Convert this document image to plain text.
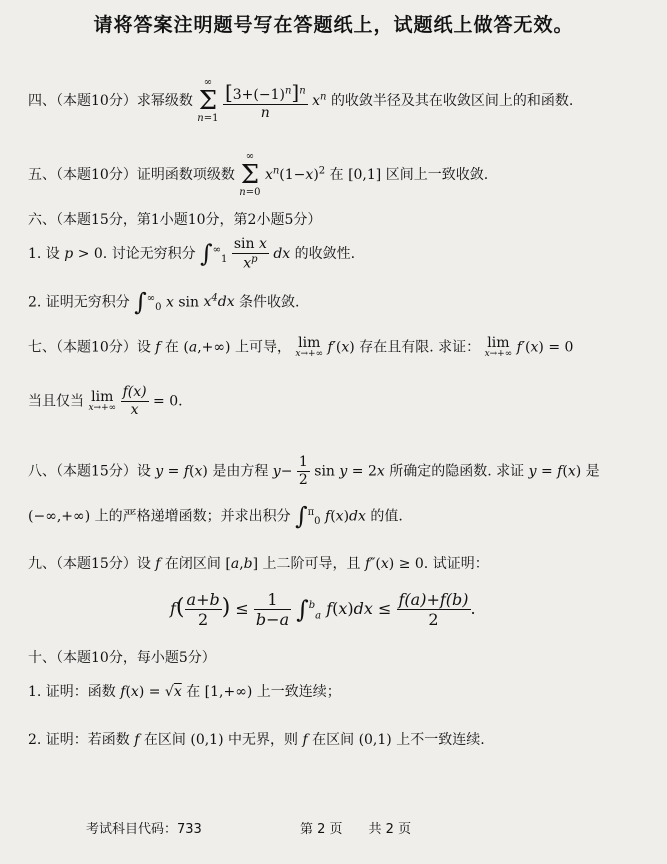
请将答案注明题号写在答题纸上，试题纸上做答无效。
四、（本题10分）求幂级数
∞
Σ
n=1
$\frac{[3+(-1)^n]^n}{n} x^n$ 的收敛半径及其在收敛区间上的和函数.
五、（本题10分）证明函数项级数
∞
Σ
n=0
$x^n(1-x)^2$ 在 [0,1] 区间上一致收敛.
六、（本题15分，第1小题10分，第2小题5分）
1. 设 p > 0. 讨论无穷积分 $\int^\infty_1 \frac{\text{sin x}}{x^p}$ dx 的收敛性.
2. 证明无穷积分 $\int^\infty_0$ x $\sin x^4dx$ 条件收敛.
七、（本题10分）设 f 在 (a,+∞) 上可导， lim
x→+∞ f′(x) 存在且有限. 求证： lim
x→+∞ f′(x) = 0
当且仅当 lim
x→+∞
$\frac{f(x)}{x} = 0$.
八、（本题15分）设 y = f(x) 是由方程 $y- \frac{1}{2}$ sin y = 2x 所确定的隐函数. 求证 y = f(x) 是
(−∞,+∞) 上的严格递增函数；并求出积分 ∫$^\pi_0$ f(x)dx 的值.
九、（本题15分）设 f 在闭区间 [a,b] 上二阶可导，且 f″(x) ≥ 0. 试证明：
$f( \frac{a+b}{2}$ ) ≤ $\frac{1}{b-a} \int^b_a$ $f(x)dx \le \frac{f(a)+f(b)}{2}$ .
十、（本题10分，每小题5分）
1. 证明：函数 f(x) = √x 在 [1,+∞) 上一致连续；
2. 证明：若函数 f 在区间 (0,1) 中无界，则 f 在区间 (0,1) 上不一致连续.
考试科目代码：733	第 2 页　　共 2 页
